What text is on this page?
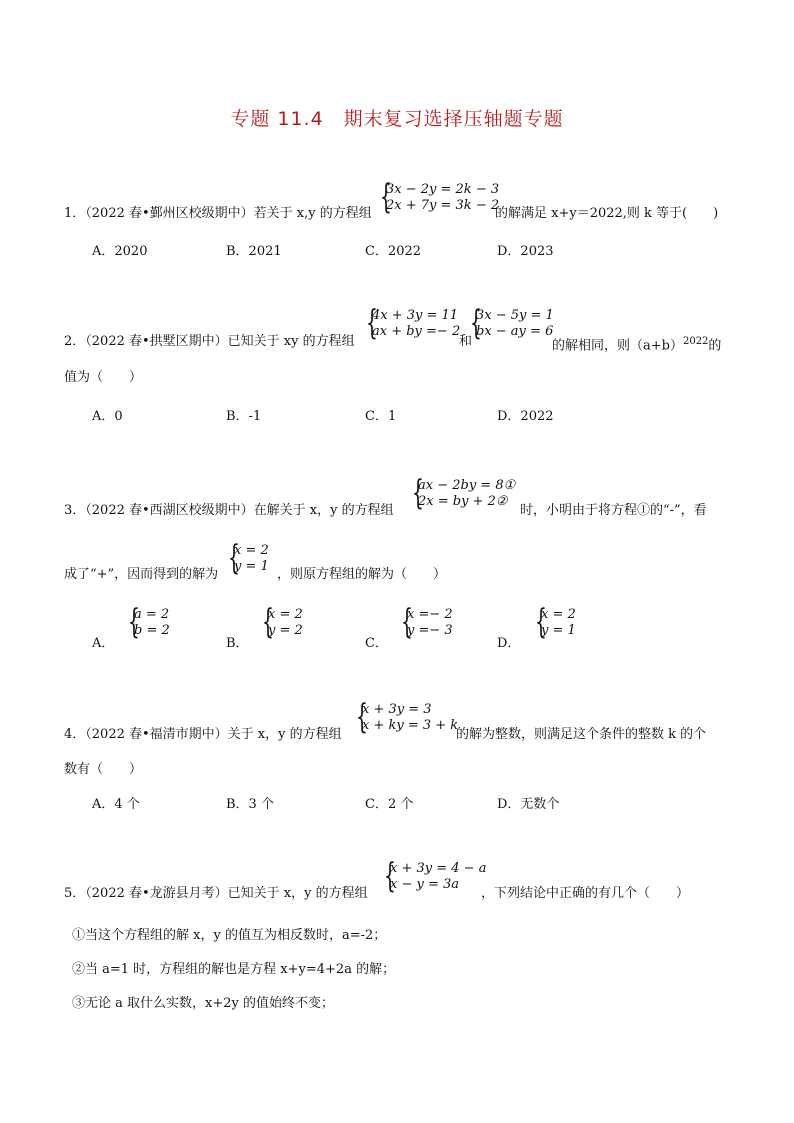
专题 11.4　期末复习选择压轴题专题
1．（2022 春•鄞州区校级期中）若关于 x,y 的方程组 {
3x − 2y = 2k − 3
2x + 7y = 3k − 2
的解满足 x+y＝2022,则 k 等于(　　)
A．2020	B．2021	C．2022	D．2023
2．（2022 春•拱墅区期中）已知关于 xy 的方程组 {
4x + 3y = 11
ax + by =− 2
和
{
3x − 5y = 1
bx − ay = 6
的解相同，则$(a+b)^{2022}$的
值为（　　）
A．0	B．-1	C．1	D．2022
3．（2022 春•西湖区校级期中）在解关于 x，y 的方程组 {
ax − 2by = 8①
2x = by + 2②
时，小明由于将方程①的“-”，看
成了“+”，因而得到的解为 {
x = 2
y = 1
，则原方程组的解为（　　）
A．
{
a = 2
b = 2
B．
{
x = 2
y = 2
C．
{
x =− 2
y =− 3
D．
{
x = 2
y = 1
4．（2022 春•福清市期中）关于 x，y 的方程组 {
x + 3y = 3
x + ky = 3 + k
的解为整数，则满足这个条件的整数 k 的个
数有（　　）
A．4 个	B．3 个	C．2 个	D．无数个
5．（2022 春•龙游县月考）已知关于 x，y 的方程组 {
x + 3y = 4 − a
x − y = 3a
，下列结论中正确的有几个（　　）
①当这个方程组的解 x，y 的值互为相反数时，a=-2；
②当 a=1 时，方程组的解也是方程 x+y=4+2a 的解；
③无论 a 取什么实数，x+2y 的值始终不变；
